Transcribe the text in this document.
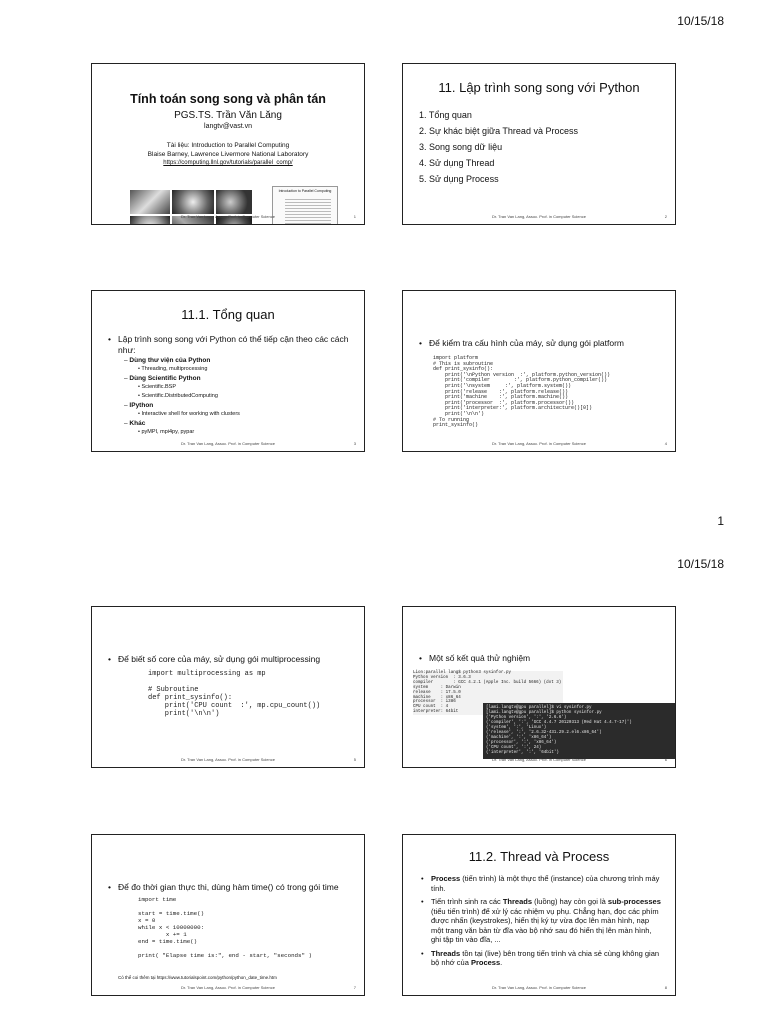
10/15/18
Tính toán song song và phân tán
PGS.TS. Trần Văn Lăng
langtv@vast.vn
Tài liệu: Introduction to Parallel Computing
Blaise Barney, Lawrence Livermore National Laboratory
https://computing.llnl.gov/tutorials/parallel_comp/
Introduction to Parallel Computing
Dr. Tran Van Lang, Assoc. Prof. in Computer Science	1
11. Lập trình song song với Python
1. Tổng quan
2. Sự khác biệt giữa Thread và Process
3. Song song dữ liệu
4. Sử dụng Thread
5. Sử dụng Process
Dr. Tran Van Lang, Assoc. Prof. in Computer Science	2
11.1. Tổng quan
• Lập trình song song với Python có thể tiếp cận theo các cách như:
– Dùng thư viện của Python
• Threading, multiprocessing
– Dùng Scientific Python
• Scientific.BSP
• Scientific.DistributedComputing
– IPython
• Interactive shell for working with clusters
– Khác
• pyMPI, mpi4py, pypar
Dr. Tran Van Lang, Assoc. Prof. in Computer Science	3
• Để kiểm tra cấu hình của máy, sử dụng gói platform
import platform
# This is subroutine
def print_sysinfo():
print('\nPython version  :', platform.python_version())
print('compiler        :', platform.python_compiler())
print('\nsystem     :', platform.system())
print('release    :', platform.release())
print('machine    :', platform.machine())
print('processor  :', platform.processor())
print('interpreter:', platform.architecture()[0])
print('\n\n')
# To running
print_sysinfo()
Dr. Tran Van Lang, Assoc. Prof. in Computer Science	4
1
10/15/18
• Để biết số core của máy, sử dụng gói multiprocessing
import multiprocessing as mp

# Subroutine
def print_sysinfo():
print('CPU count  :', mp.cpu_count())
print('\n\n')
Dr. Tran Van Lang, Assoc. Prof. in Computer Science	5
• Một số kết quả thử nghiệm
Lion:parallel lang$ python3 sysinfor.py
Python version  : 3.6.3
compiler        : GCC 4.2.1 (Apple Inc. build 5666) (dot 3)
system     : Darwin
release    : 17.5.0
machine    : x86_64
processor  : i386
CPU count  : 4
interpreter: 64bit
[lami.langtv@gpu parallel]$ vi sysinfor.py
[lami.langtv@gpu parallel]$ python sysinfor.py
('Python version', ':', '2.6.6')
('compiler', ':', 'GCC 4.4.7 20120313 (Red Hat 4.4.7-17)')
('system', ':', 'Linux')
('release', ':', '2.6.32-431.29.2.el6.x86_64')
('machine', ':', 'x86_64')
('processor', ':', 'x86_64')
('CPU count', ':', 24)
('interpreter', ':', '64bit')
Dr. Tran Van Lang, Assoc. Prof. in Computer Science	6
• Để đo thời gian thực thi, dùng hàm time() có trong gói time
import time

start = time.time()
x = 0
while x < 10000000:
x += 1
end = time.time()

print( "Elapse time is:", end - start, "seconds" )
Có thể coi thêm tại https://www.tutorialspoint.com/python/python_date_time.htm
Dr. Tran Van Lang, Assoc. Prof. in Computer Science	7
11.2. Thread và Process
• Process (tiến trình) là một thực thể (instance) của chương trình máy tính.
• Tiến trình sinh ra các Threads (luồng) hay còn gọi là sub-processes (tiểu tiến trình) để xử lý các nhiệm vụ phụ. Chẳng hạn, đọc các phím được nhấn (keystrokes), hiển thị ký tự vừa đọc lên màn hình, nạp một trang văn bản từ đĩa vào bộ nhớ sau đó hiển thị lên màn hình, ghi tập tin vào đĩa, ...
• Threads tồn tại (live) bên trong tiến trình và chia sẻ cùng không gian bộ nhớ của Process.
Dr. Tran Van Lang, Assoc. Prof. in Computer Science	8
